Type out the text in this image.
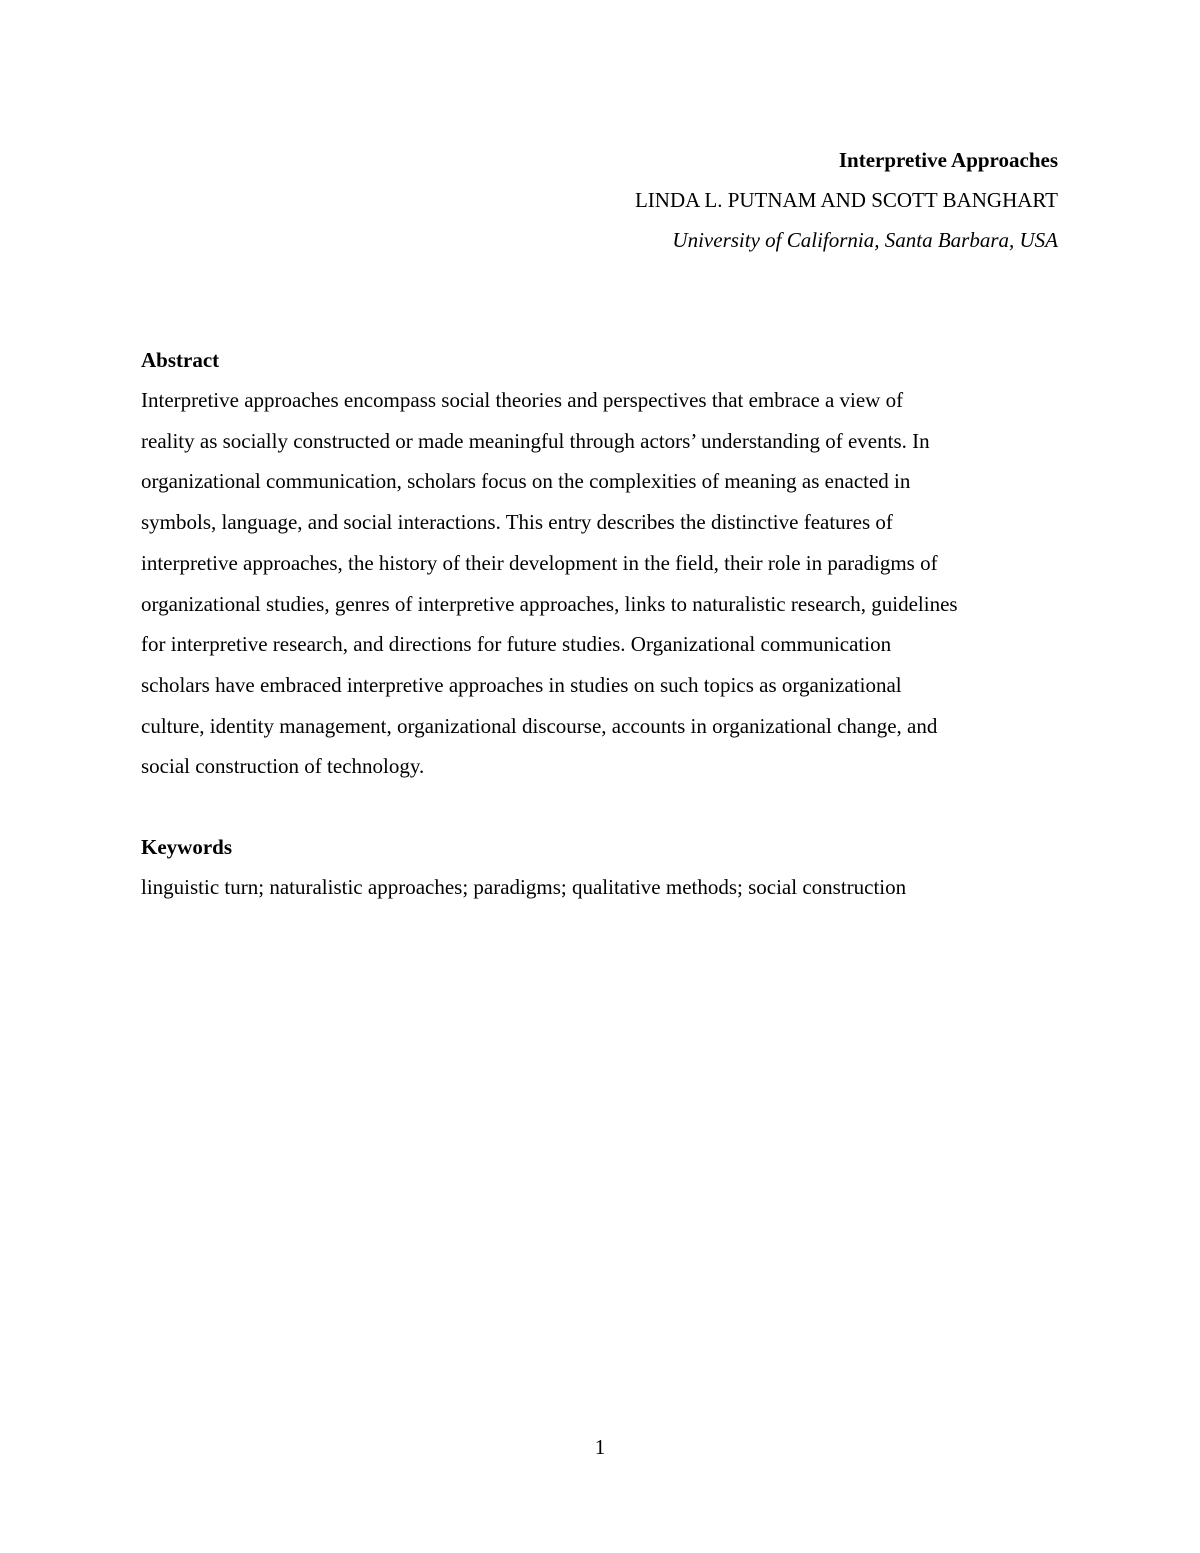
Interpretive Approaches
LINDA L. PUTNAM AND SCOTT BANGHART
University of California, Santa Barbara, USA
Abstract
Interpretive approaches encompass social theories and perspectives that embrace a view of
reality as socially constructed or made meaningful through actors’ understanding of events. In
organizational communication, scholars focus on the complexities of meaning as enacted in
symbols, language, and social interactions. This entry describes the distinctive features of
interpretive approaches, the history of their development in the field, their role in paradigms of
organizational studies, genres of interpretive approaches, links to naturalistic research, guidelines
for interpretive research, and directions for future studies. Organizational communication
scholars have embraced interpretive approaches in studies on such topics as organizational
culture, identity management, organizational discourse, accounts in organizational change, and
social construction of technology.
Keywords
linguistic turn; naturalistic approaches; paradigms; qualitative methods; social construction
1
